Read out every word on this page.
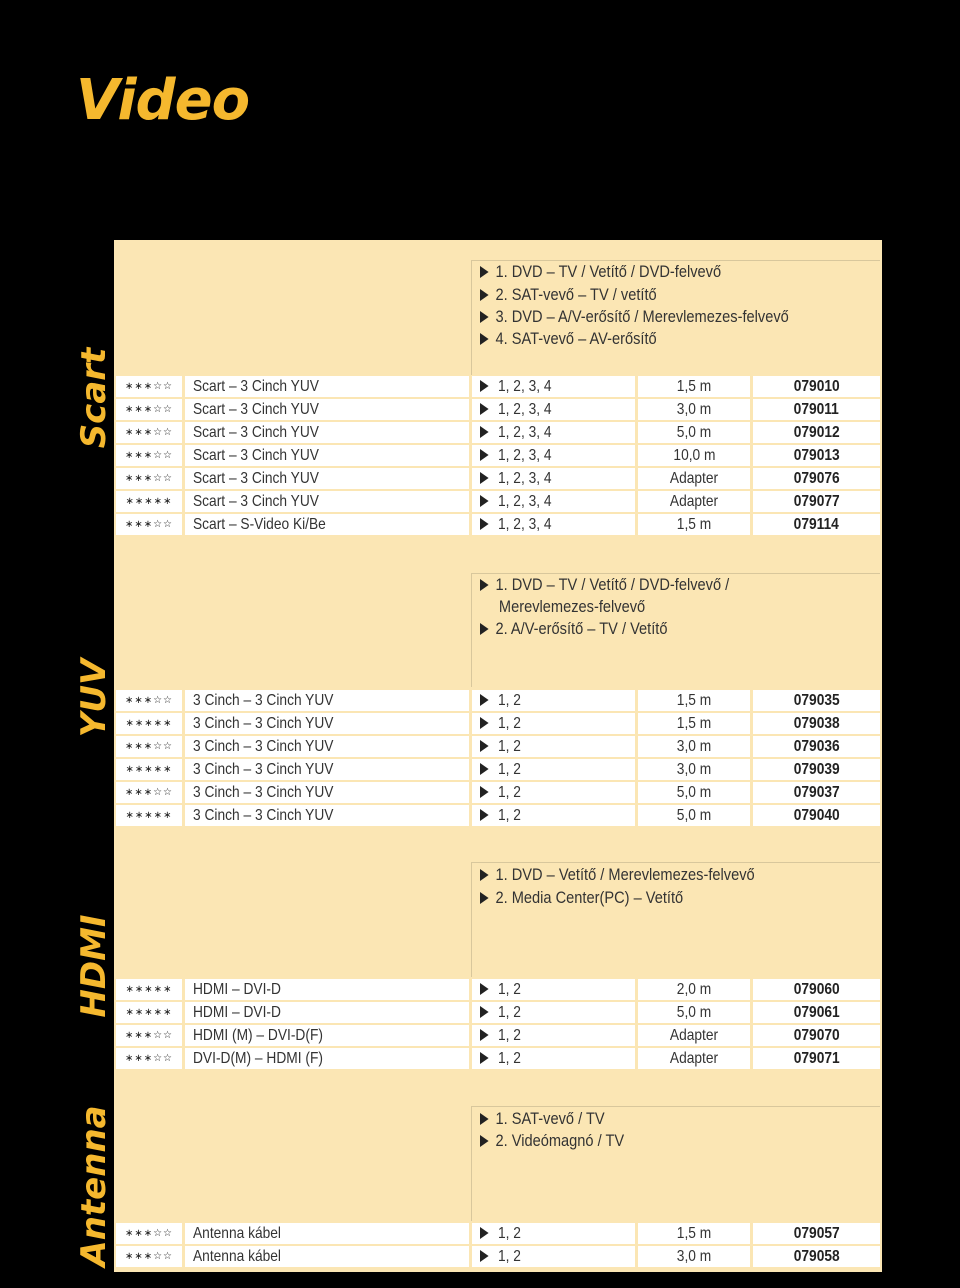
Video
Scart
1. DVD – TV / Vetítő / DVD-felvevő
2. SAT-vevő – TV / vetítő
3. DVD – A/V-erősítő / Merevlemezes-felvevő
4. SAT-vevő – AV-erősítő
∗∗∗☆☆	Scart – 3 Cinch YUV	1, 2, 3, 4	1,5 m	079010
∗∗∗☆☆	Scart – 3 Cinch YUV	1, 2, 3, 4	3,0 m	079011
∗∗∗☆☆	Scart – 3 Cinch YUV	1, 2, 3, 4	5,0 m	079012
∗∗∗☆☆	Scart – 3 Cinch YUV	1, 2, 3, 4	10,0 m	079013
∗∗∗☆☆	Scart – 3 Cinch YUV	1, 2, 3, 4	Adapter	079076
∗∗∗∗∗	Scart – 3 Cinch YUV	1, 2, 3, 4	Adapter	079077
∗∗∗☆☆	Scart – S-Video Ki/Be	1, 2, 3, 4	1,5 m	079114
YUV
1. DVD – TV / Vetítő / DVD-felvevő /
Merevlemezes-felvevő
2. A/V-erősítő – TV / Vetítő
∗∗∗☆☆	3 Cinch – 3 Cinch YUV	1, 2	1,5 m	079035
∗∗∗∗∗	3 Cinch – 3 Cinch YUV	1, 2	1,5 m	079038
∗∗∗☆☆	3 Cinch – 3 Cinch YUV	1, 2	3,0 m	079036
∗∗∗∗∗	3 Cinch – 3 Cinch YUV	1, 2	3,0 m	079039
∗∗∗☆☆	3 Cinch – 3 Cinch YUV	1, 2	5,0 m	079037
∗∗∗∗∗	3 Cinch – 3 Cinch YUV	1, 2	5,0 m	079040
HDMI
1. DVD – Vetítő / Merevlemezes-felvevő
2. Media Center(PC) – Vetítő
∗∗∗∗∗	HDMI – DVI-D	1, 2	2,0 m	079060
∗∗∗∗∗	HDMI – DVI-D	1, 2	5,0 m	079061
∗∗∗☆☆	HDMI (M) – DVI-D(F)	1, 2	Adapter	079070
∗∗∗☆☆	DVI-D(M) – HDMI (F)	1, 2	Adapter	079071
Antenna	1. SAT-vevő / TV
2. Videómagnó / TV
∗∗∗☆☆	Antenna kábel	1, 2	1,5 m	079057
∗∗∗☆☆	Antenna kábel	1, 2	3,0 m	079058
